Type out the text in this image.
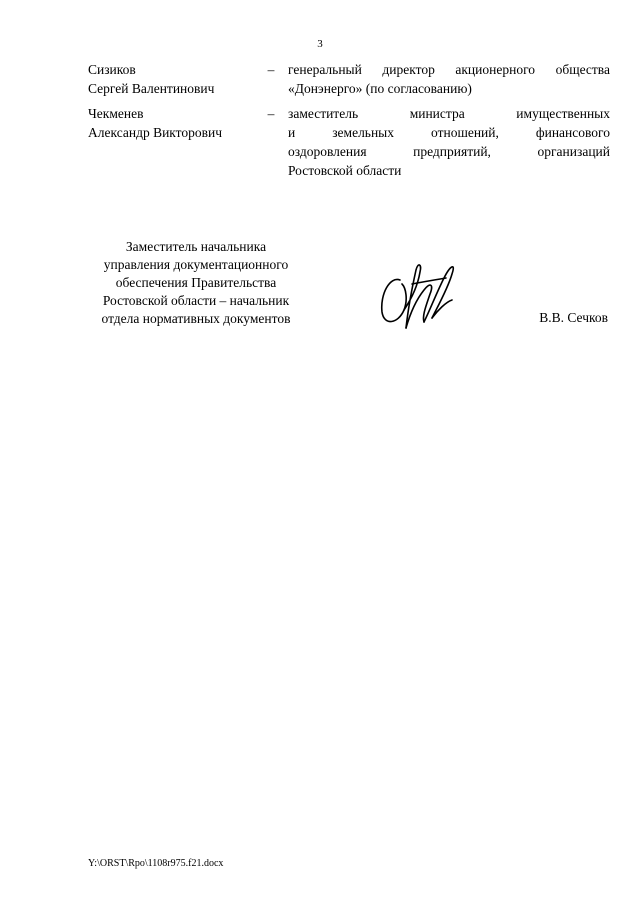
3
Сизиков
Сергей Валентинович
–	генеральный директор акционерного общества
«Донэнерго» (по согласованию)
Чекменев
Александр Викторович
–	заместитель министра имущественных
и земельных отношений, финансового
оздоровления предприятий, организаций
Ростовской области
Заместитель начальника
управления документационного
обеспечения Правительства
Ростовской области – начальник
отдела нормативных документов	В.В. Сечков
Y:\ORST\Rpo\1108r975.f21.docx
